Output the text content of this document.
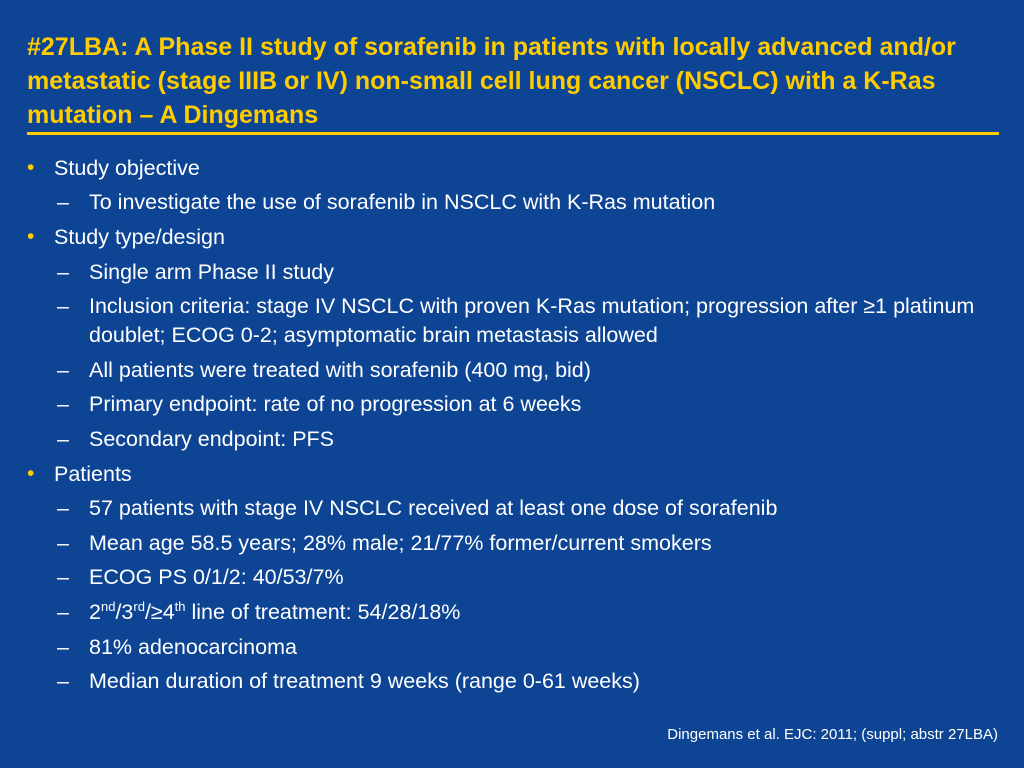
#27LBA: A Phase II study of sorafenib in patients with locally advanced and/or metastatic (stage IIIB or IV) non-small cell lung cancer (NSCLC) with a K-Ras mutation – A Dingemans
• Study objective
– To investigate the use of sorafenib in NSCLC with K-Ras mutation
• Study type/design
– Single arm Phase II study
– Inclusion criteria: stage IV NSCLC with proven K-Ras mutation; progression after ≥1 platinum doublet; ECOG 0-2; asymptomatic brain metastasis allowed
– All patients were treated with sorafenib (400 mg, bid)
– Primary endpoint: rate of no progression at 6 weeks
– Secondary endpoint: PFS
• Patients
– 57 patients with stage IV NSCLC received at least one dose of sorafenib
– Mean age 58.5 years; 28% male; 21/77% former/current smokers
– ECOG PS 0/1/2: 40/53/7%
– 2nd/3rd/≥4th line of treatment: 54/28/18%
– 81% adenocarcinoma
– Median duration of treatment 9 weeks (range 0-61 weeks)
Dingemans et al. EJC: 2011; (suppl; abstr 27LBA)
